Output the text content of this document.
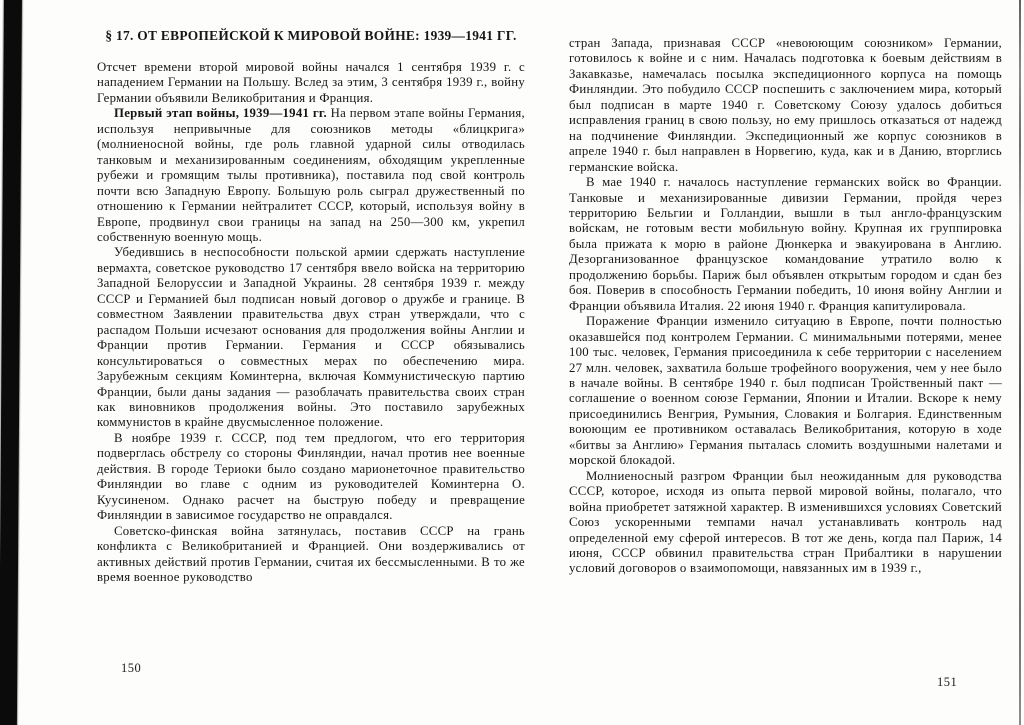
§ 17. ОТ ЕВРОПЕЙСКОЙ К МИРОВОЙ ВОЙНЕ: 1939—1941 ГГ.

Отсчет времени второй мировой войны начался 1 сентября 1939 г. с нападением Германии на Польшу. Вслед за этим, 3 сентября 1939 г., войну Германии объявили Великобритания и Франция.

Первый этап войны, 1939—1941 гг. На первом этапе войны Германия, используя непривычные для союзников методы «блицкрига» (молниеносной войны, где роль главной ударной силы отводилась танковым и механизированным соединениям, обходящим укрепленные рубежи и громящим тылы противника), поставила под свой контроль почти всю Западную Европу. Большую роль сыграл дружественный по отношению к Германии нейтралитет СССР, который, используя войну в Европе, продвинул свои границы на запад на 250—300 км, укрепил собственную военную мощь.

Убедившись в неспособности польской армии сдержать наступление вермахта, советское руководство 17 сентября ввело войска на территорию Западной Белоруссии и Западной Украины. 28 сентября 1939 г. между СССР и Германией был подписан новый договор о дружбе и границе. В совместном Заявлении правительства двух стран утверждали, что с распадом Польши исчезают основания для продолжения войны Англии и Франции против Германии. Германия и СССР обязывались консультироваться о совместных мерах по обеспечению мира. Зарубежным секциям Коминтерна, включая Коммунистическую партию Франции, были даны задания — разоблачать правительства своих стран как виновников продолжения войны. Это поставило зарубежных коммунистов в крайне двусмысленное положение.

В ноябре 1939 г. СССР, под тем предлогом, что его территория подверглась обстрелу со стороны Финляндии, начал против нее военные действия. В городе Териоки было создано марионеточное правительство Финляндии во главе с одним из руководителей Коминтерна О. Куусиненом. Однако расчет на быструю победу и превращение Финляндии в зависимое государство не оправдался.

Советско-финская война затянулась, поставив СССР на грань конфликта с Великобританией и Францией. Они воздерживались от активных действий против Германии, считая их бессмысленными. В то же время военное руководство

стран Запада, признавая СССР «невоюющим союзником» Германии, готовилось к войне и с ним. Началась подготовка к боевым действиям в Закавказье, намечалась посылка экспедиционного корпуса на помощь Финляндии. Это побудило СССР поспешить с заключением мира, который был подписан в марте 1940 г. Советскому Союзу удалось добиться исправления границ в свою пользу, но ему пришлось отказаться от надежд на подчинение Финляндии. Экспедиционный же корпус союзников в апреле 1940 г. был направлен в Норвегию, куда, как и в Данию, вторглись германские войска.

В мае 1940 г. началось наступление германских войск во Франции. Танковые и механизированные дивизии Германии, пройдя через территорию Бельгии и Голландии, вышли в тыл англо-французским войскам, не готовым вести мобильную войну. Крупная их группировка была прижата к морю в районе Дюнкерка и эвакуирована в Англию. Дезорганизованное французское командование утратило волю к продолжению борьбы. Париж был объявлен открытым городом и сдан без боя. Поверив в способность Германии победить, 10 июня войну Англии и Франции объявила Италия. 22 июня 1940 г. Франция капитулировала.

Поражение Франции изменило ситуацию в Европе, почти полностью оказавшейся под контролем Германии. С минимальными потерями, менее 100 тыс. человек, Германия присоединила к себе территории с населением 27 млн. человек, захватила больше трофейного вооружения, чем у нее было в начале войны. В сентябре 1940 г. был подписан Тройственный пакт — соглашение о военном союзе Германии, Японии и Италии. Вскоре к нему присоединились Венгрия, Румыния, Словакия и Болгария. Единственным воюющим ее противником оставалась Великобритания, которую в ходе «битвы за Англию» Германия пыталась сломить воздушными налетами и морской блокадой.

Молниеносный разгром Франции был неожиданным для руководства СССР, которое, исходя из опыта первой мировой войны, полагало, что война приобретет затяжной характер. В изменившихся условиях Советский Союз ускоренными темпами начал устанавливать контроль над определенной ему сферой интересов. В тот же день, когда пал Париж, 14 июня, СССР обвинил правительства стран Прибалтики в нарушении условий договоров о взаимопомощи, навязанных им в 1939 г.,

150
151
